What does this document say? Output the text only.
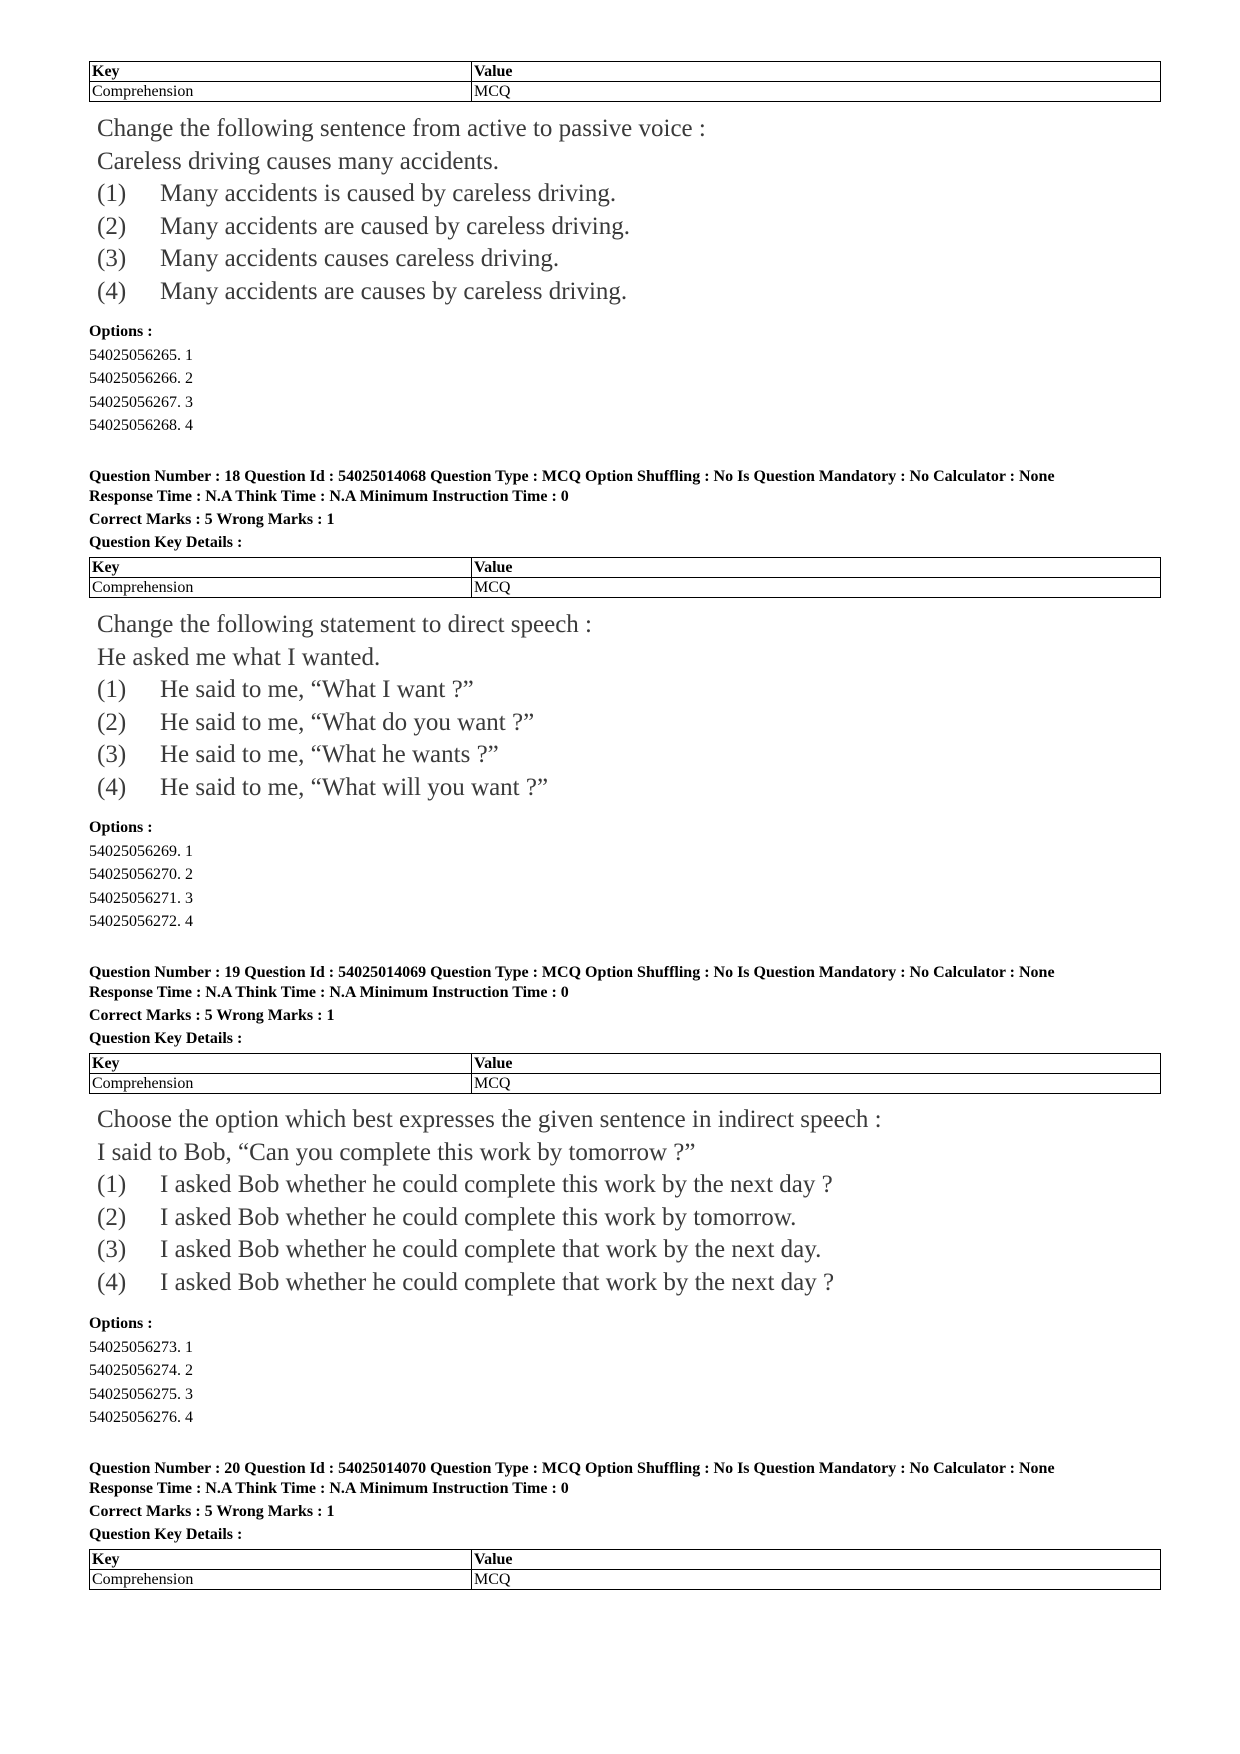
Key	Value
Comprehension	MCQ
Change the following sentence from active to passive voice :
Careless driving causes many accidents.
(1) Many accidents is caused by careless driving.
(2) Many accidents are caused by careless driving.
(3) Many accidents causes careless driving.
(4) Many accidents are causes by careless driving.
Options :
54025056265. 1
54025056266. 2
54025056267. 3
54025056268. 4
Question Number : 18 Question Id : 54025014068 Question Type : MCQ Option Shuffling : No Is Question Mandatory : No Calculator : None
Response Time : N.A Think Time : N.A Minimum Instruction Time : 0
Correct Marks : 5 Wrong Marks : 1
Question Key Details :
Key	Value
Comprehension	MCQ
Change the following statement to direct speech :
He asked me what I wanted.
(1) He said to me, “What I want ?”
(2) He said to me, “What do you want ?”
(3) He said to me, “What he wants ?”
(4) He said to me, “What will you want ?”
Options :
54025056269. 1
54025056270. 2
54025056271. 3
54025056272. 4
Question Number : 19 Question Id : 54025014069 Question Type : MCQ Option Shuffling : No Is Question Mandatory : No Calculator : None
Response Time : N.A Think Time : N.A Minimum Instruction Time : 0
Correct Marks : 5 Wrong Marks : 1
Question Key Details :
Key	Value
Comprehension	MCQ
Choose the option which best expresses the given sentence in indirect speech :
I said to Bob, “Can you complete this work by tomorrow ?”
(1) I asked Bob whether he could complete this work by the next day ?
(2) I asked Bob whether he could complete this work by tomorrow.
(3) I asked Bob whether he could complete that work by the next day.
(4) I asked Bob whether he could complete that work by the next day ?
Options :
54025056273. 1
54025056274. 2
54025056275. 3
54025056276. 4
Question Number : 20 Question Id : 54025014070 Question Type : MCQ Option Shuffling : No Is Question Mandatory : No Calculator : None
Response Time : N.A Think Time : N.A Minimum Instruction Time : 0
Correct Marks : 5 Wrong Marks : 1
Question Key Details :
Key	Value
Comprehension	MCQ
